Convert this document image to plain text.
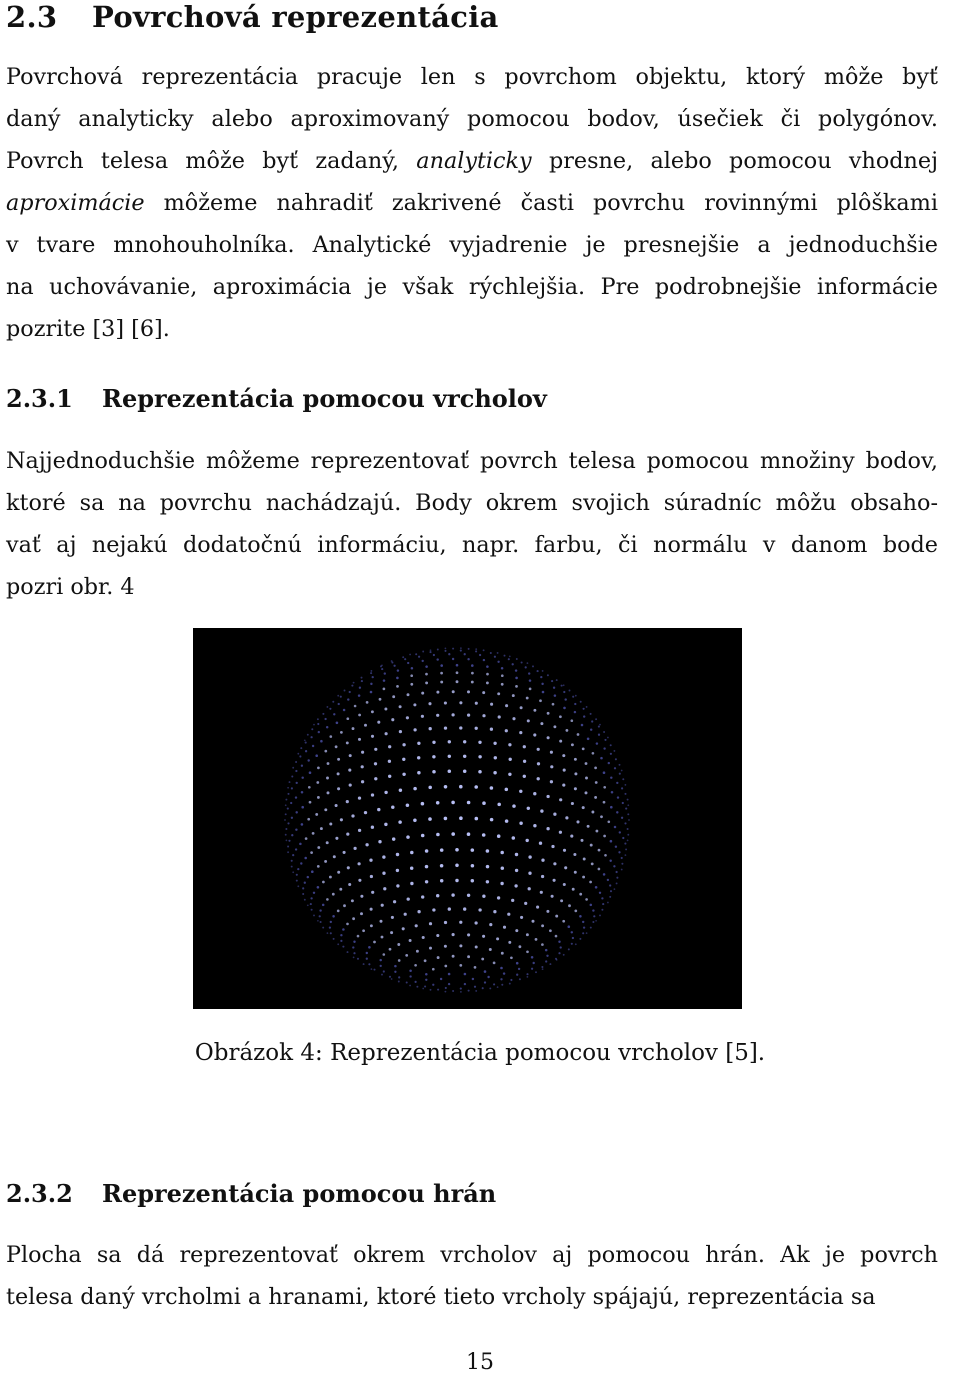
2.3 Povrchová reprezentácia
Povrchová reprezentácia pracuje len s povrchom objektu, ktorý môže byť
daný analyticky alebo aproximovaný pomocou bodov, úsečiek či polygónov.
Povrch telesa môže byť zadaný, analyticky presne, alebo pomocou vhodnej
aproximácie môžeme nahradiť zakrivené časti povrchu rovinnými plôškami
v tvare mnohouholníka. Analytické vyjadrenie je presnejšie a jednoduchšie
na uchovávanie, aproximácia je však rýchlejšia. Pre podrobnejšie informácie
pozrite [3] [6].
2.3.1 Reprezentácia pomocou vrcholov
Najjednoduchšie môžeme reprezentovať povrch telesa pomocou množiny bodov,
ktoré sa na povrchu nachádzajú. Body okrem svojich súradníc môžu obsaho-
vať aj nejakú dodatočnú informáciu, napr. farbu, či normálu v danom bode
pozri obr. 4
Obrázok 4: Reprezentácia pomocou vrcholov [5].
2.3.2 Reprezentácia pomocou hrán
Plocha sa dá reprezentovať okrem vrcholov aj pomocou hrán. Ak je povrch
telesa daný vrcholmi a hranami, ktoré tieto vrcholy spájajú, reprezentácia sa
15
